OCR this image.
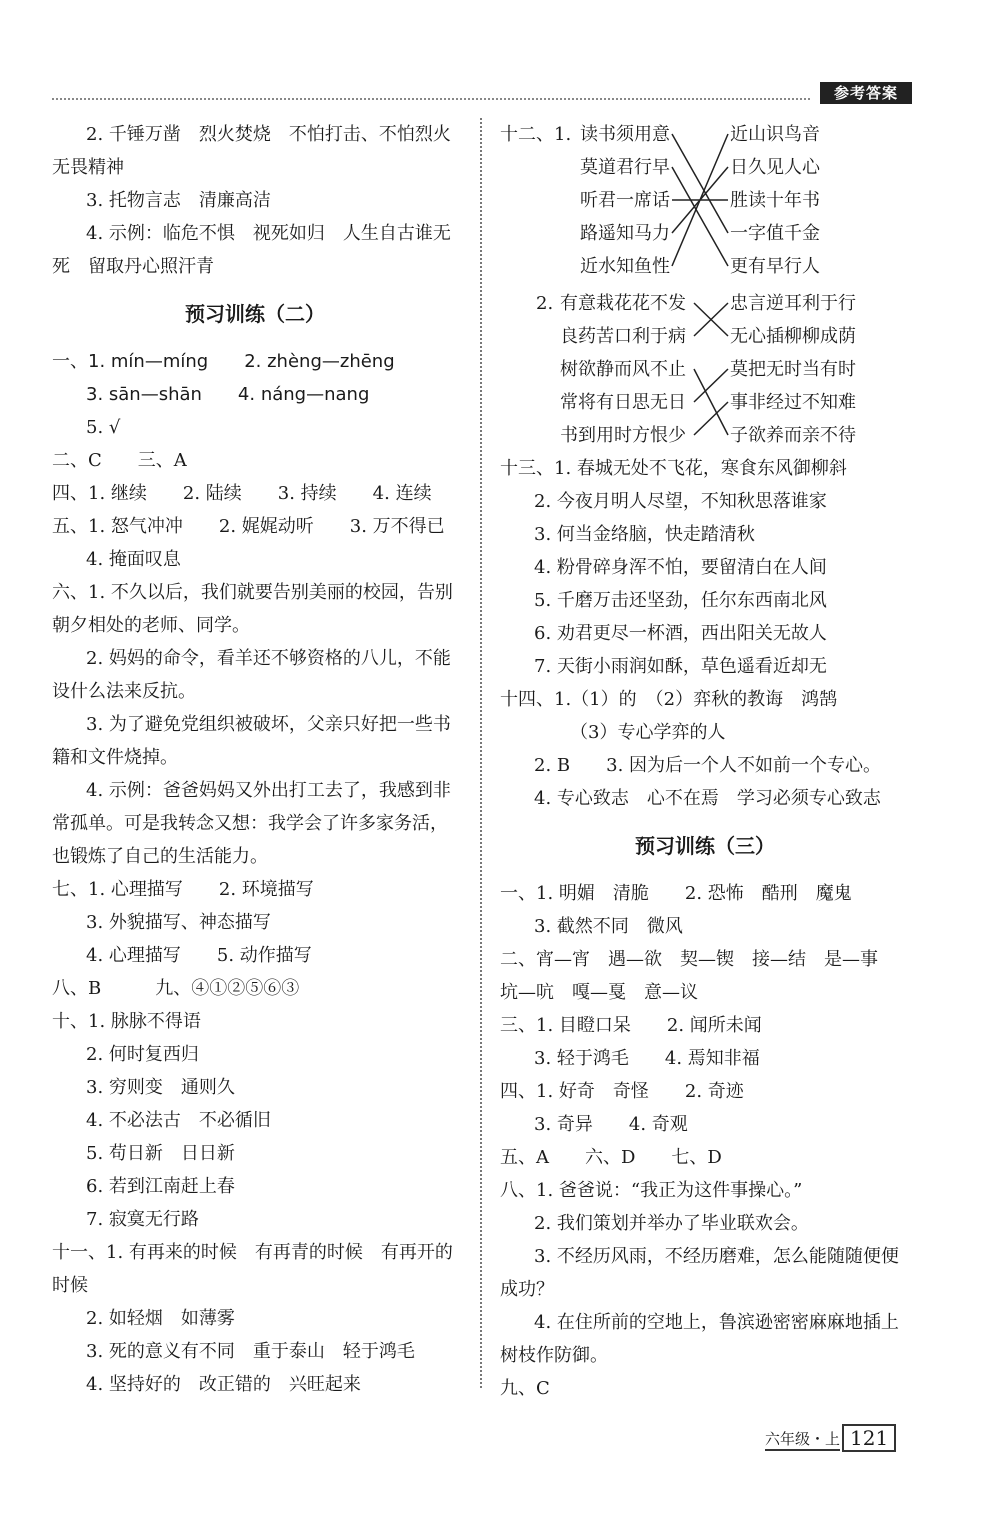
参考答案
2. 千锤万凿　烈火焚烧　不怕打击、不怕烈火
无畏精神
3. 托物言志　清廉高洁
4. 示例：临危不惧　视死如归　人生自古谁无
死　留取丹心照汗青
预习训练（二）
一、1. mín—míng　　2. zhèng—zhēng
3. sān—shān　　4. náng—nang
5. √
二、C　　三、A
四、1. 继续　　2. 陆续　　3. 持续　　4. 连续
五、1. 怒气冲冲　　2. 娓娓动听　　3. 万不得已
4. 掩面叹息
六、1. 不久以后，我们就要告别美丽的校园，告别
朝夕相处的老师、同学。
2. 妈妈的命令，看羊还不够资格的八儿，不能
设什么法来反抗。
3. 为了避免党组织被破坏，父亲只好把一些书
籍和文件烧掉。
4. 示例：爸爸妈妈又外出打工去了，我感到非
常孤单。可是我转念又想：我学会了许多家务活，
也锻炼了自己的生活能力。
七、1. 心理描写　　2. 环境描写
3. 外貌描写、神态描写
4. 心理描写　　5. 动作描写
八、B　　　九、④①②⑤⑥③
十、1. 脉脉不得语
2. 何时复西归
3. 穷则变　通则久
4. 不必法古　不必循旧
5. 苟日新　日日新
6. 若到江南赶上春
7. 寂寞无行路
十一、1. 有再来的时候　有再青的时候　有再开的
时候
2. 如轻烟　如薄雾
3. 死的意义有不同　重于泰山　轻于鸿毛
4. 坚持好的　改正错的　兴旺起来
十二、1. 读书须用意	近山识鸟音
莫道君行早	日久见人心
听君一席话	胜读十年书
路遥知马力	一字值千金
近水知鱼性	更有早行人
2. 有意栽花花不发 忠言逆耳利于行
良药苦口利于病 无心插柳柳成荫
树欲静而风不止 莫把无时当有时
常将有日思无日 事非经过不知难
书到用时方恨少 子欲养而亲不待
十三、1. 春城无处不飞花，寒食东风御柳斜
2. 今夜月明人尽望，不知秋思落谁家
3. 何当金络脑，快走踏清秋
4. 粉骨碎身浑不怕，要留清白在人间
5. 千磨万击还坚劲，任尔东西南北风
6. 劝君更尽一杯酒，西出阳关无故人
7. 天街小雨润如酥，草色遥看近却无
十四、1.（1）的　（2）弈秋的教诲　鸿鹄
（3）专心学弈的人
2. B　　3. 因为后一个人不如前一个专心。
4. 专心致志　心不在焉　学习必须专心致志
预习训练（三）
一、1. 明媚　清脆　　2. 恐怖　酷刑　魔鬼
3. 截然不同　微风
二、宵—宵　遇—欲　契—锲　接—结　是—事
坑—吭　嘎—戛　意—议
三、1. 目瞪口呆　　2. 闻所未闻
3. 轻于鸿毛　　4. 焉知非福
四、1. 好奇　奇怪　　2. 奇迹
3. 奇异　　4. 奇观
五、A　　六、D　　七、D
八、1. 爸爸说：“我正为这件事操心。”
2. 我们策划并举办了毕业联欢会。
3. 不经历风雨，不经历磨难，怎么能随随便便
成功？
4. 在住所前的空地上，鲁滨逊密密麻麻地插上
树枝作防御。
九、C
六年级・上 121
